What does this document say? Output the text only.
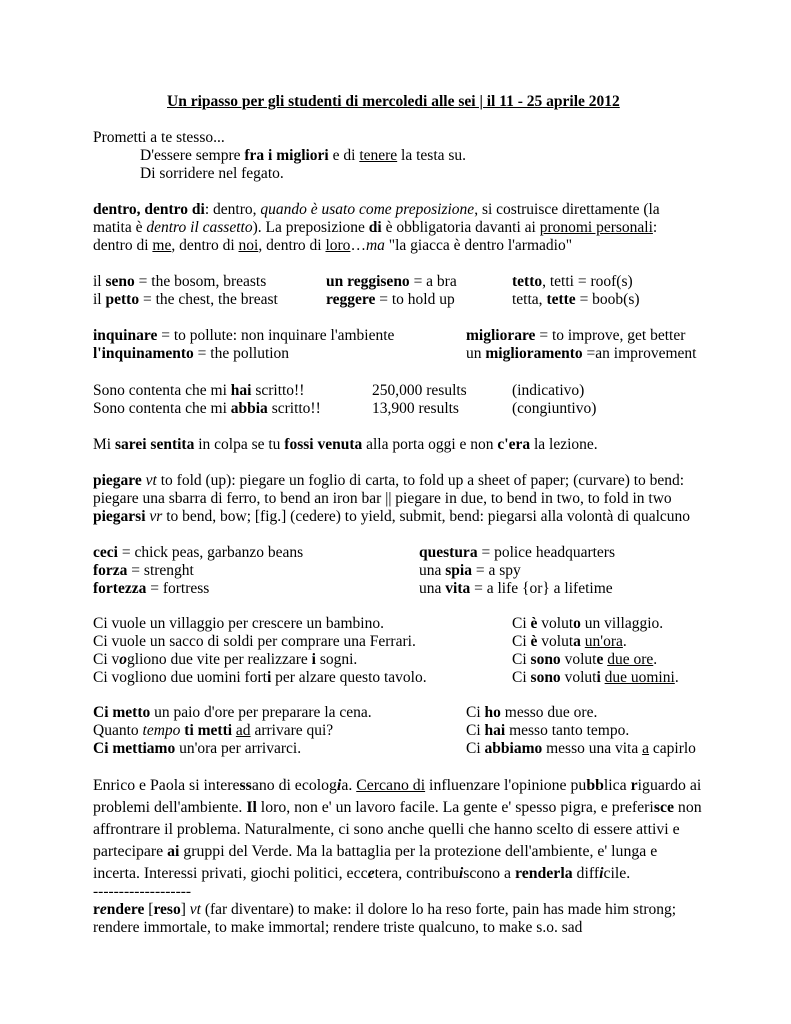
Un ripasso per gli studenti di mercoledi alle sei | il 11 - 25 aprile 2012
Prometti a te stesso...
D'essere sempre fra i migliori e di tenere la testa su.
Di sorridere nel fegato.
dentro, dentro di: dentro, quando è usato come preposizione, si costruisce direttamente (la
matita è dentro il cassetto). La preposizione di è obbligatoria davanti ai pronomi personali:
dentro di me, dentro di noi, dentro di loro…ma "la giacca è dentro l'armadio"
il seno = the bosom, breasts	un reggiseno = a bra	tetto, tetti = roof(s)
il petto = the chest, the breast	reggere = to hold up	tetta, tette = boob(s)
inquinare = to pollute: non inquinare l'ambiente	migliorare = to improve, get better
l'inquinamento = the pollution	un miglioramento =an improvement
Sono contenta che mi hai scritto!!	250,000 results	(indicativo)
Sono contenta che mi abbia scritto!!	13,900 results	(congiuntivo)
Mi sarei sentita in colpa se tu fossi venuta alla porta oggi e non c'era la lezione.
piegare vt to fold (up): piegare un foglio di carta, to fold up a sheet of paper; (curvare) to bend:
piegare una sbarra di ferro, to bend an iron bar || piegare in due, to bend in two, to fold in two
piegarsi vr to bend, bow; [fig.] (cedere) to yield, submit, bend: piegarsi alla volontà di qualcuno
ceci = chick peas, garbanzo beans	questura = police headquarters
forza = strenght	una spia = a spy
fortezza = fortress	una vita = a life {or} a lifetime
Ci vuole un villaggio per crescere un bambino.	Ci è voluto un villaggio.
Ci vuole un sacco di soldi per comprare una Ferrari.	Ci è voluta un'ora.
Ci vogliono due vite per realizzare i sogni.	Ci sono volute due ore.
Ci vogliono due uomini forti per alzare questo tavolo.	Ci sono voluti due uomini.
Ci metto un paio d'ore per preparare la cena.	Ci ho messo due ore.
Quanto tempo ti metti ad arrivare qui?	Ci hai messo tanto tempo.
Ci mettiamo un'ora per arrivarci.	Ci abbiamo messo una vita a capirlo
Enrico e Paola si interessano di ecologia. Cercano di influenzare l'opinione pubblica riguardo ai
problemi dell'ambiente. Il loro, non e' un lavoro facile. La gente e' spesso pigra, e preferisce non
affrontrare il problema. Naturalmente, ci sono anche quelli che hanno scelto di essere attivi e
partecipare ai gruppi del Verde. Ma la battaglia per la protezione dell'ambiente, e' lunga e
incerta. Interessi privati, giochi politici, eccetera, contribuiscono a renderla difficile.
-------------------
rendere [reso] vt (far diventare) to make: il dolore lo ha reso forte, pain has made him strong;
rendere immortale, to make immortal; rendere triste qualcuno, to make s.o. sad
